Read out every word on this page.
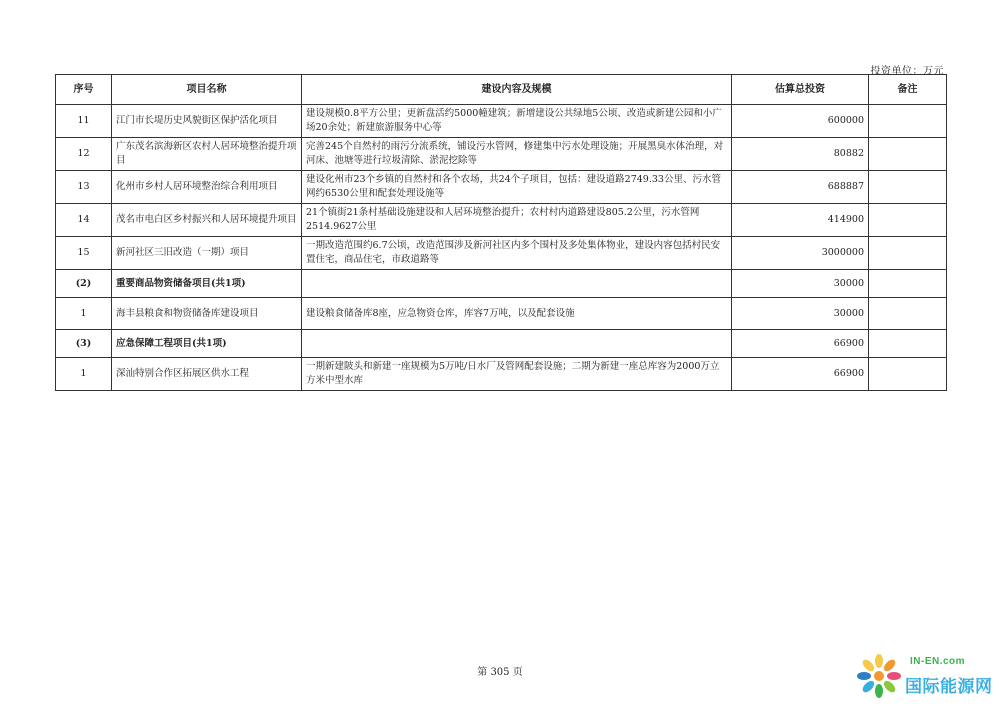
投资单位：万元
序号	项目名称	建设内容及规模	估算总投资	备注
11	江门市长堤历史风貌街区保护活化项目	建设规模0.8平方公里；更新盘活约5000幢建筑；新增建设公共绿地5公顷、改造或新建公园和小广场20余处；新建旅游服务中心等	600000	
12	广东茂名滨海新区农村人居环境整治提升项目	完善245个自然村的雨污分流系统，铺设污水管网，修建集中污水处理设施；开展黑臭水体治理，对河床、池塘等进行垃圾清除、淤泥挖除等	80882	
13	化州市乡村人居环境整治综合利用项目	建设化州市23个乡镇的自然村和各个农场，共24个子项目，包括：建设道路2749.33公里、污水管网约6530公里和配套处理设施等	688887	
14	茂名市电白区乡村振兴和人居环境提升项目	21个镇街21条村基础设施建设和人居环境整治提升；农村村内道路建设805.2公里，污水管网2514.9627公里	414900	
15	新河社区三旧改造（一期）项目	一期改造范围约6.7公顷，改造范围涉及新河社区内多个围村及多处集体物业，建设内容包括村民安置住宅，商品住宅，市政道路等	3000000	
(2)	重要商品物资储备项目(共1项)		30000	
1	海丰县粮食和物资储备库建设项目	建设粮食储备库8座，应急物资仓库，库容7万吨，以及配套设施	30000	
(3)	应急保障工程项目(共1项)		66900	
1	深汕特别合作区拓展区供水工程	一期新建陂头和新建一座规模为5万吨/日水厂及管网配套设施；二期为新建一座总库容为2000万立方米中型水库	66900	
第 305 页
IN-EN.com
国际能源网
